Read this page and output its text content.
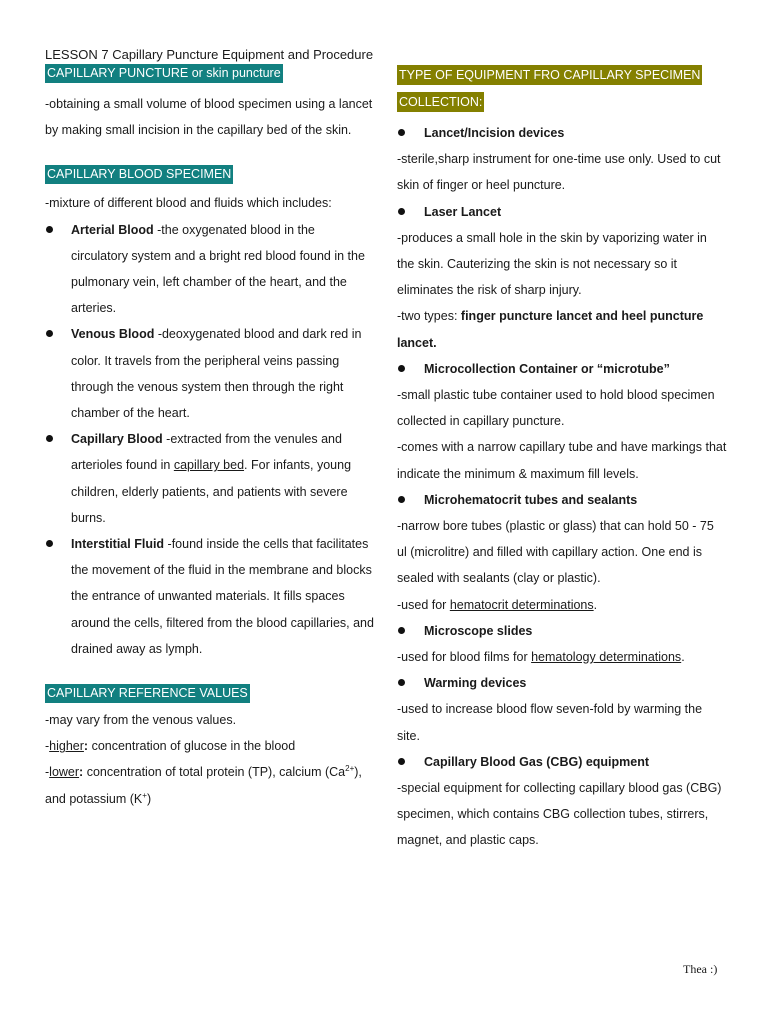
LESSON 7 Capillary Puncture Equipment and Procedure
CAPILLARY PUNCTURE or skin puncture

-obtaining a small volume of blood specimen using a lancet by making small incision in the capillary bed of the skin.

CAPILLARY BLOOD SPECIMEN

-mixture of different blood and fluids which includes:

Arterial Blood -the oxygenated blood in the circulatory system and a bright red blood found in the pulmonary vein, left chamber of the heart, and the arteries.
Venous Blood -deoxygenated blood and dark red in color. It travels from the peripheral veins passing through the venous system then through the right chamber of the heart.
Capillary Blood -extracted from the venules and arterioles found in capillary bed. For infants, young children, elderly patients, and patients with severe burns.
Interstitial Fluid -found inside the cells that facilitates the movement of the fluid in the membrane and blocks the entrance of unwanted materials. It fills spaces around the cells, filtered from the blood capillaries, and drained away as lymph.
CAPILLARY REFERENCE VALUES

-may vary from the venous values.

-higher: concentration of glucose in the blood

-lower: concentration of total protein (TP), calcium $(Ca^{2+})$, and potassium (K+)

TYPE OF EQUIPMENT FRO CAPILLARY SPECIMEN
COLLECTION:
Lancet/Incision devices

-sterile,sharp instrument for one-time use only. Used to cut skin of finger or heel puncture.

Laser Lancet

-produces a small hole in the skin by vaporizing water in the skin. Cauterizing the skin is not necessary so it eliminates the risk of sharp injury.

-two types: finger puncture lancet and heel puncture lancet.

Microcollection Container or “microtube”

-small plastic tube container used to hold blood specimen collected in capillary puncture.

-comes with a narrow capillary tube and have markings that indicate the minimum & maximum fill levels.

Microhematocrit tubes and sealants

-narrow bore tubes (plastic or glass) that can hold 50 - 75 ul (microlitre) and filled with capillary action. One end is sealed with sealants (clay or plastic).

-used for hematocrit determinations.

Microscope slides

-used for blood films for hematology determinations.

Warming devices

-used to increase blood flow seven-fold by warming the site.

Capillary Blood Gas (CBG) equipment

-special equipment for collecting capillary blood gas (CBG) specimen, which contains CBG collection tubes, stirrers, magnet, and plastic caps.

Thea :)
